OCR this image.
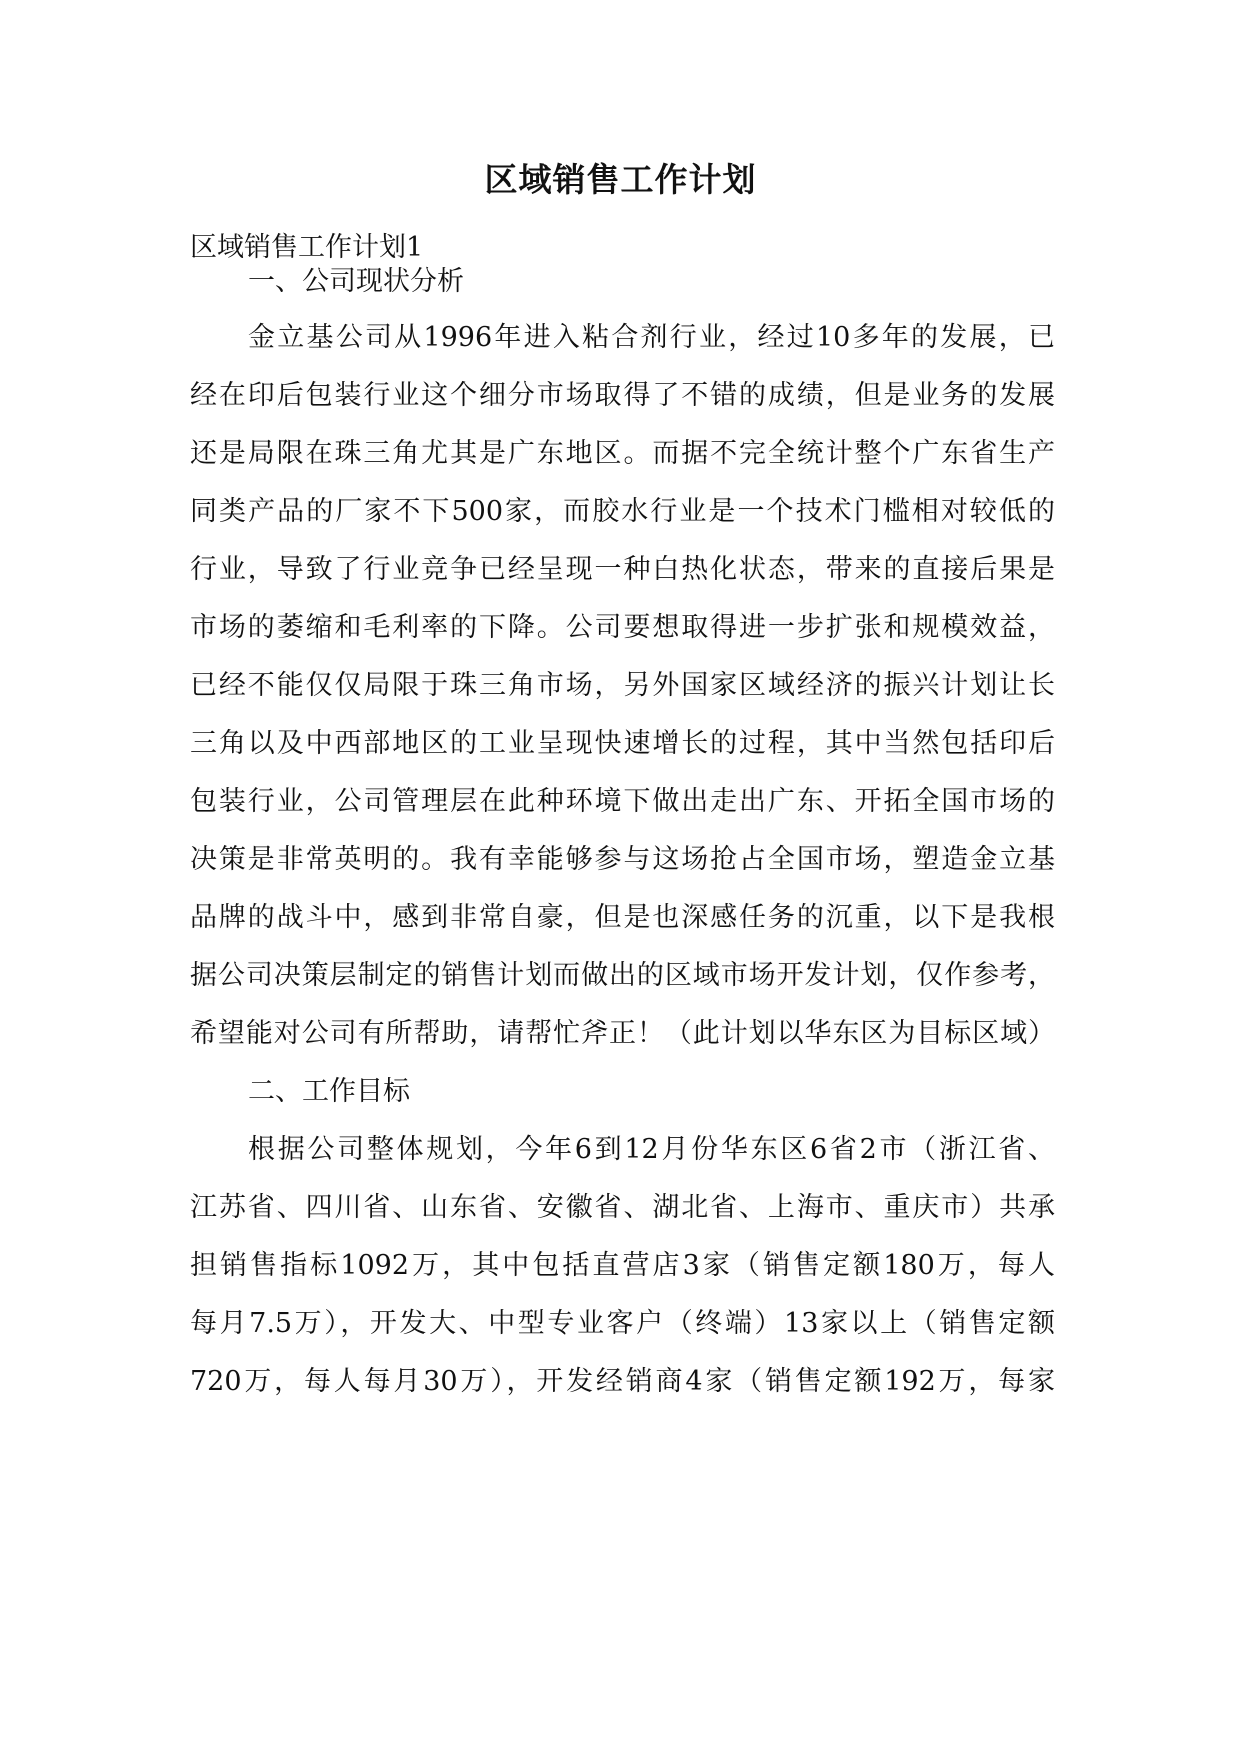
区域销售工作计划
区域销售工作计划1
一、公司现状分析
金立基公司从1996年进入粘合剂行业，经过10多年的发展，已
经在印后包装行业这个细分市场取得了不错的成绩，但是业务的发展
还是局限在珠三角尤其是广东地区。而据不完全统计整个广东省生产
同类产品的厂家不下500家，而胶水行业是一个技术门槛相对较低的
行业，导致了行业竞争已经呈现一种白热化状态，带来的直接后果是
市场的萎缩和毛利率的下降。公司要想取得进一步扩张和规模效益，
已经不能仅仅局限于珠三角市场，另外国家区域经济的振兴计划让长
三角以及中西部地区的工业呈现快速增长的过程，其中当然包括印后
包装行业，公司管理层在此种环境下做出走出广东、开拓全国市场的
决策是非常英明的。我有幸能够参与这场抢占全国市场，塑造金立基
品牌的战斗中，感到非常自豪，但是也深感任务的沉重，以下是我根
据公司决策层制定的销售计划而做出的区域市场开发计划，仅作参考，
希望能对公司有所帮助，请帮忙斧正！（此计划以华东区为目标区域）
二、工作目标
根据公司整体规划，今年6到12月份华东区6省2市（浙江省、
江苏省、四川省、山东省、安徽省、湖北省、上海市、重庆市）共承
担销售指标1092万，其中包括直营店3家（销售定额180万，每人
每月7.5万），开发大、中型专业客户（终端）13家以上（销售定额
720万，每人每月30万），开发经销商4家（销售定额192万，每家
